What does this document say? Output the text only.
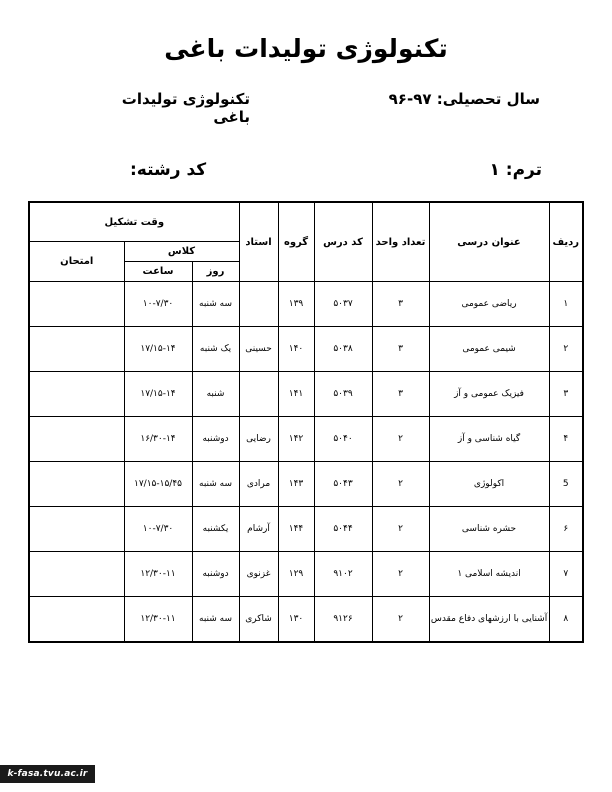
تکنولوژی تولیدات باغی
تکنولوژی تولیدات باغی
سال تحصیلی: ۹۷-۹۶
ترم: ۱
کد رشته:
ردیف	عنوان درسی	تعداد واحد	کد درس	گروه	استاد	وقت تشکیل		
						کلاس		امتحان
						روز	ساعت	
۱	ریاضی عمومی	۳	۵۰۳۷	۱۳۹		سه شنبه	۱۰-۷/۳۰	
۲	شیمی عمومی	۳	۵۰۳۸	۱۴۰	حسینی	یک شنبه	۱۷/۱۵-۱۴	
۳	فیزیک عمومی و آز	۳	۵۰۳۹	۱۴۱		شنبه	۱۷/۱۵-۱۴	
۴	گیاه شناسی و آز	۲	۵۰۴۰	۱۴۲	رضایی	دوشنبه	۱۶/۳۰-۱۴	
5	اکولوژی	۲	۵۰۴۳	۱۴۳	مرادی	سه شنبه	۱۷/۱۵-۱۵/۴۵	
۶	حشره شناسی	۲	۵۰۴۴	۱۴۴	آرشام	یکشنبه	۱۰-۷/۳۰	
۷	اندیشه اسلامی ۱	۲	۹۱۰۲	۱۲۹	غزنوی	دوشنبه	۱۲/۳۰-۱۱	
۸	آشنایی با ارزشهای دفاع مقدس	۲	۹۱۲۶	۱۳۰	شاکری	سه شنبه	۱۲/۳۰-۱۱	
k-fasa.tvu.ac.ir
